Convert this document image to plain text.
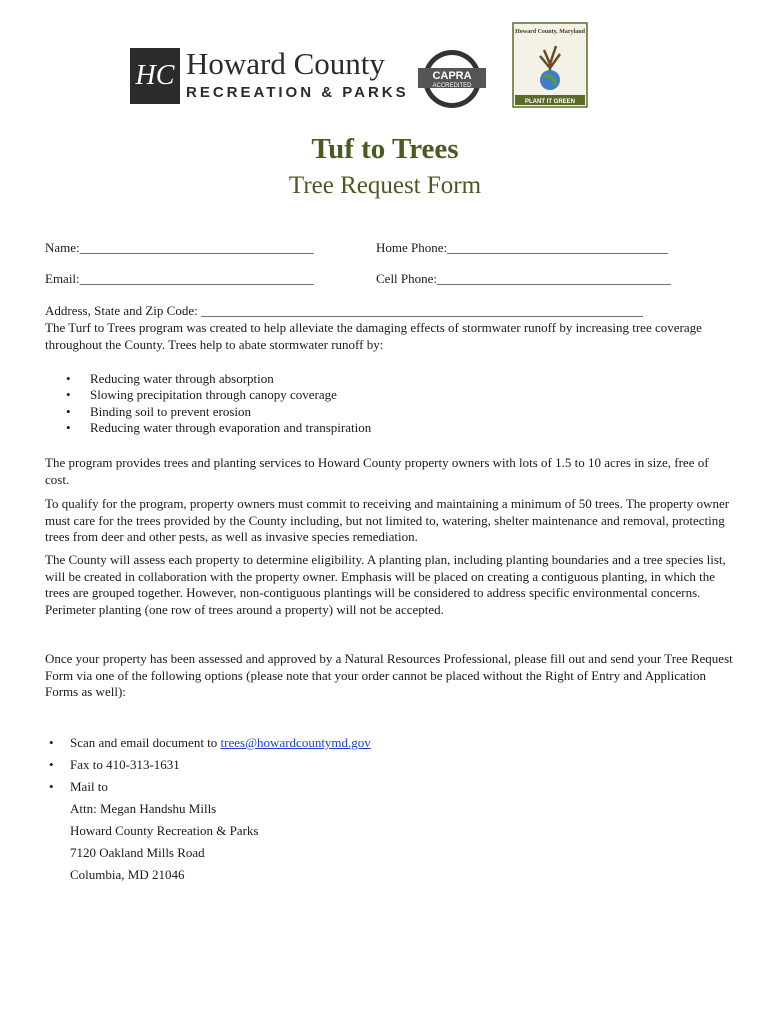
HC Howard County
RECREATION & PARKS
CAPRA
ACCREDITED
Howard County, Maryland
PLANT IT GREEN
Tuf to Trees
Tree Request Form
Name:____________________________________	Home Phone:__________________________________
Email:____________________________________	Cell Phone:____________________________________
Address, State and Zip Code: ____________________________________________________________________
The Turf to Trees program was created to help alleviate the damaging effects of stormwater runoff by increasing tree coverage throughout the County. Trees help to abate stormwater runoff by:
• Reducing water through absorption
• Slowing precipitation through canopy coverage
• Binding soil to prevent erosion
• Reducing water through evaporation and transpiration
The program provides trees and planting services to Howard County property owners with lots of 1.5 to 10 acres in size, free of cost.
To qualify for the program, property owners must commit to receiving and maintaining a minimum of 50 trees. The property owner must care for the trees provided by the County including, but not limited to, watering, shelter maintenance and removal, protecting trees from deer and other pests, as well as invasive species remediation.
The County will assess each property to determine eligibility. A planting plan, including planting boundaries and a tree species list, will be created in collaboration with the property owner. Emphasis will be placed on creating a contiguous planting, in which the trees are grouped together. However, non-contiguous plantings will be considered to address specific environmental concerns. Perimeter planting (one row of trees around a property) will not be accepted.
Once your property has been assessed and approved by a Natural Resources Professional, please fill out and send your Tree Request Form via one of the following options (please note that your order cannot be placed without the Right of Entry and Application Forms as well):
• Scan and email document to trees@howardcountymd.gov
• Fax to 410-313-1631
• Mail to
Attn: Megan Handshu Mills
Howard County Recreation & Parks
7120 Oakland Mills Road
Columbia, MD 21046
